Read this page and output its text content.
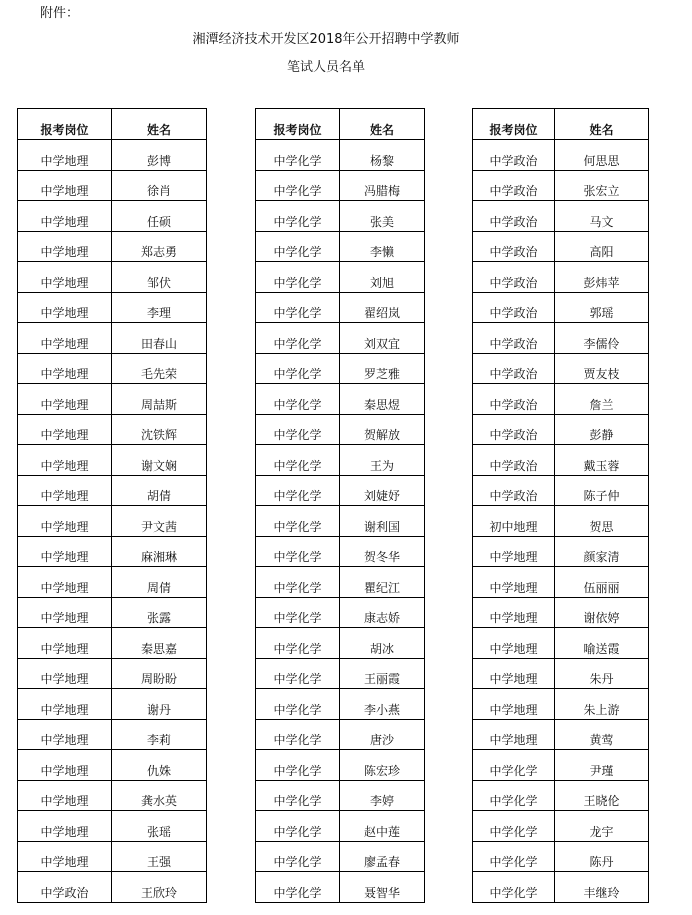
附件：
湘潭经济技术开发区2018年公开招聘中学教师
笔试人员名单
报考岗位	姓名
中学地理	彭博
中学地理	徐肖
中学地理	任硕
中学地理	郑志勇
中学地理	邹伏
中学地理	李理
中学地理	田春山
中学地理	毛先荣
中学地理	周喆斯
中学地理	沈铁辉
中学地理	谢文娴
中学地理	胡倩
中学地理	尹文茜
中学地理	麻湘琳
中学地理	周倩
中学地理	张露
中学地理	秦思嘉
中学地理	周盼盼
中学地理	谢丹
中学地理	李莉
中学地理	仇姝
中学地理	龚水英
中学地理	张瑶
中学地理	王强
中学政治	王欣玲
报考岗位	姓名
中学化学	杨黎
中学化学	冯腊梅
中学化学	张美
中学化学	李懒
中学化学	刘旭
中学化学	翟绍岚
中学化学	刘双宜
中学化学	罗芝雅
中学化学	秦思煜
中学化学	贺解放
中学化学	王为
中学化学	刘婕妤
中学化学	谢利国
中学化学	贺冬华
中学化学	瞿纪江
中学化学	康志娇
中学化学	胡冰
中学化学	王丽霞
中学化学	李小燕
中学化学	唐沙
中学化学	陈宏珍
中学化学	李婷
中学化学	赵中莲
中学化学	廖孟春
中学化学	聂智华
报考岗位	姓名
中学政治	何思思
中学政治	张宏立
中学政治	马文
中学政治	高阳
中学政治	彭炜苹
中学政治	郭瑶
中学政治	李儒伶
中学政治	贾友枝
中学政治	詹兰
中学政治	彭静
中学政治	戴玉蓉
中学政治	陈子仲
初中地理	贺思
中学地理	颜家清
中学地理	伍丽丽
中学地理	谢依婷
中学地理	喻送霞
中学地理	朱丹
中学地理	朱上游
中学地理	黄莺
中学化学	尹瑾
中学化学	王晓伦
中学化学	龙宇
中学化学	陈丹
中学化学	丰继玲
